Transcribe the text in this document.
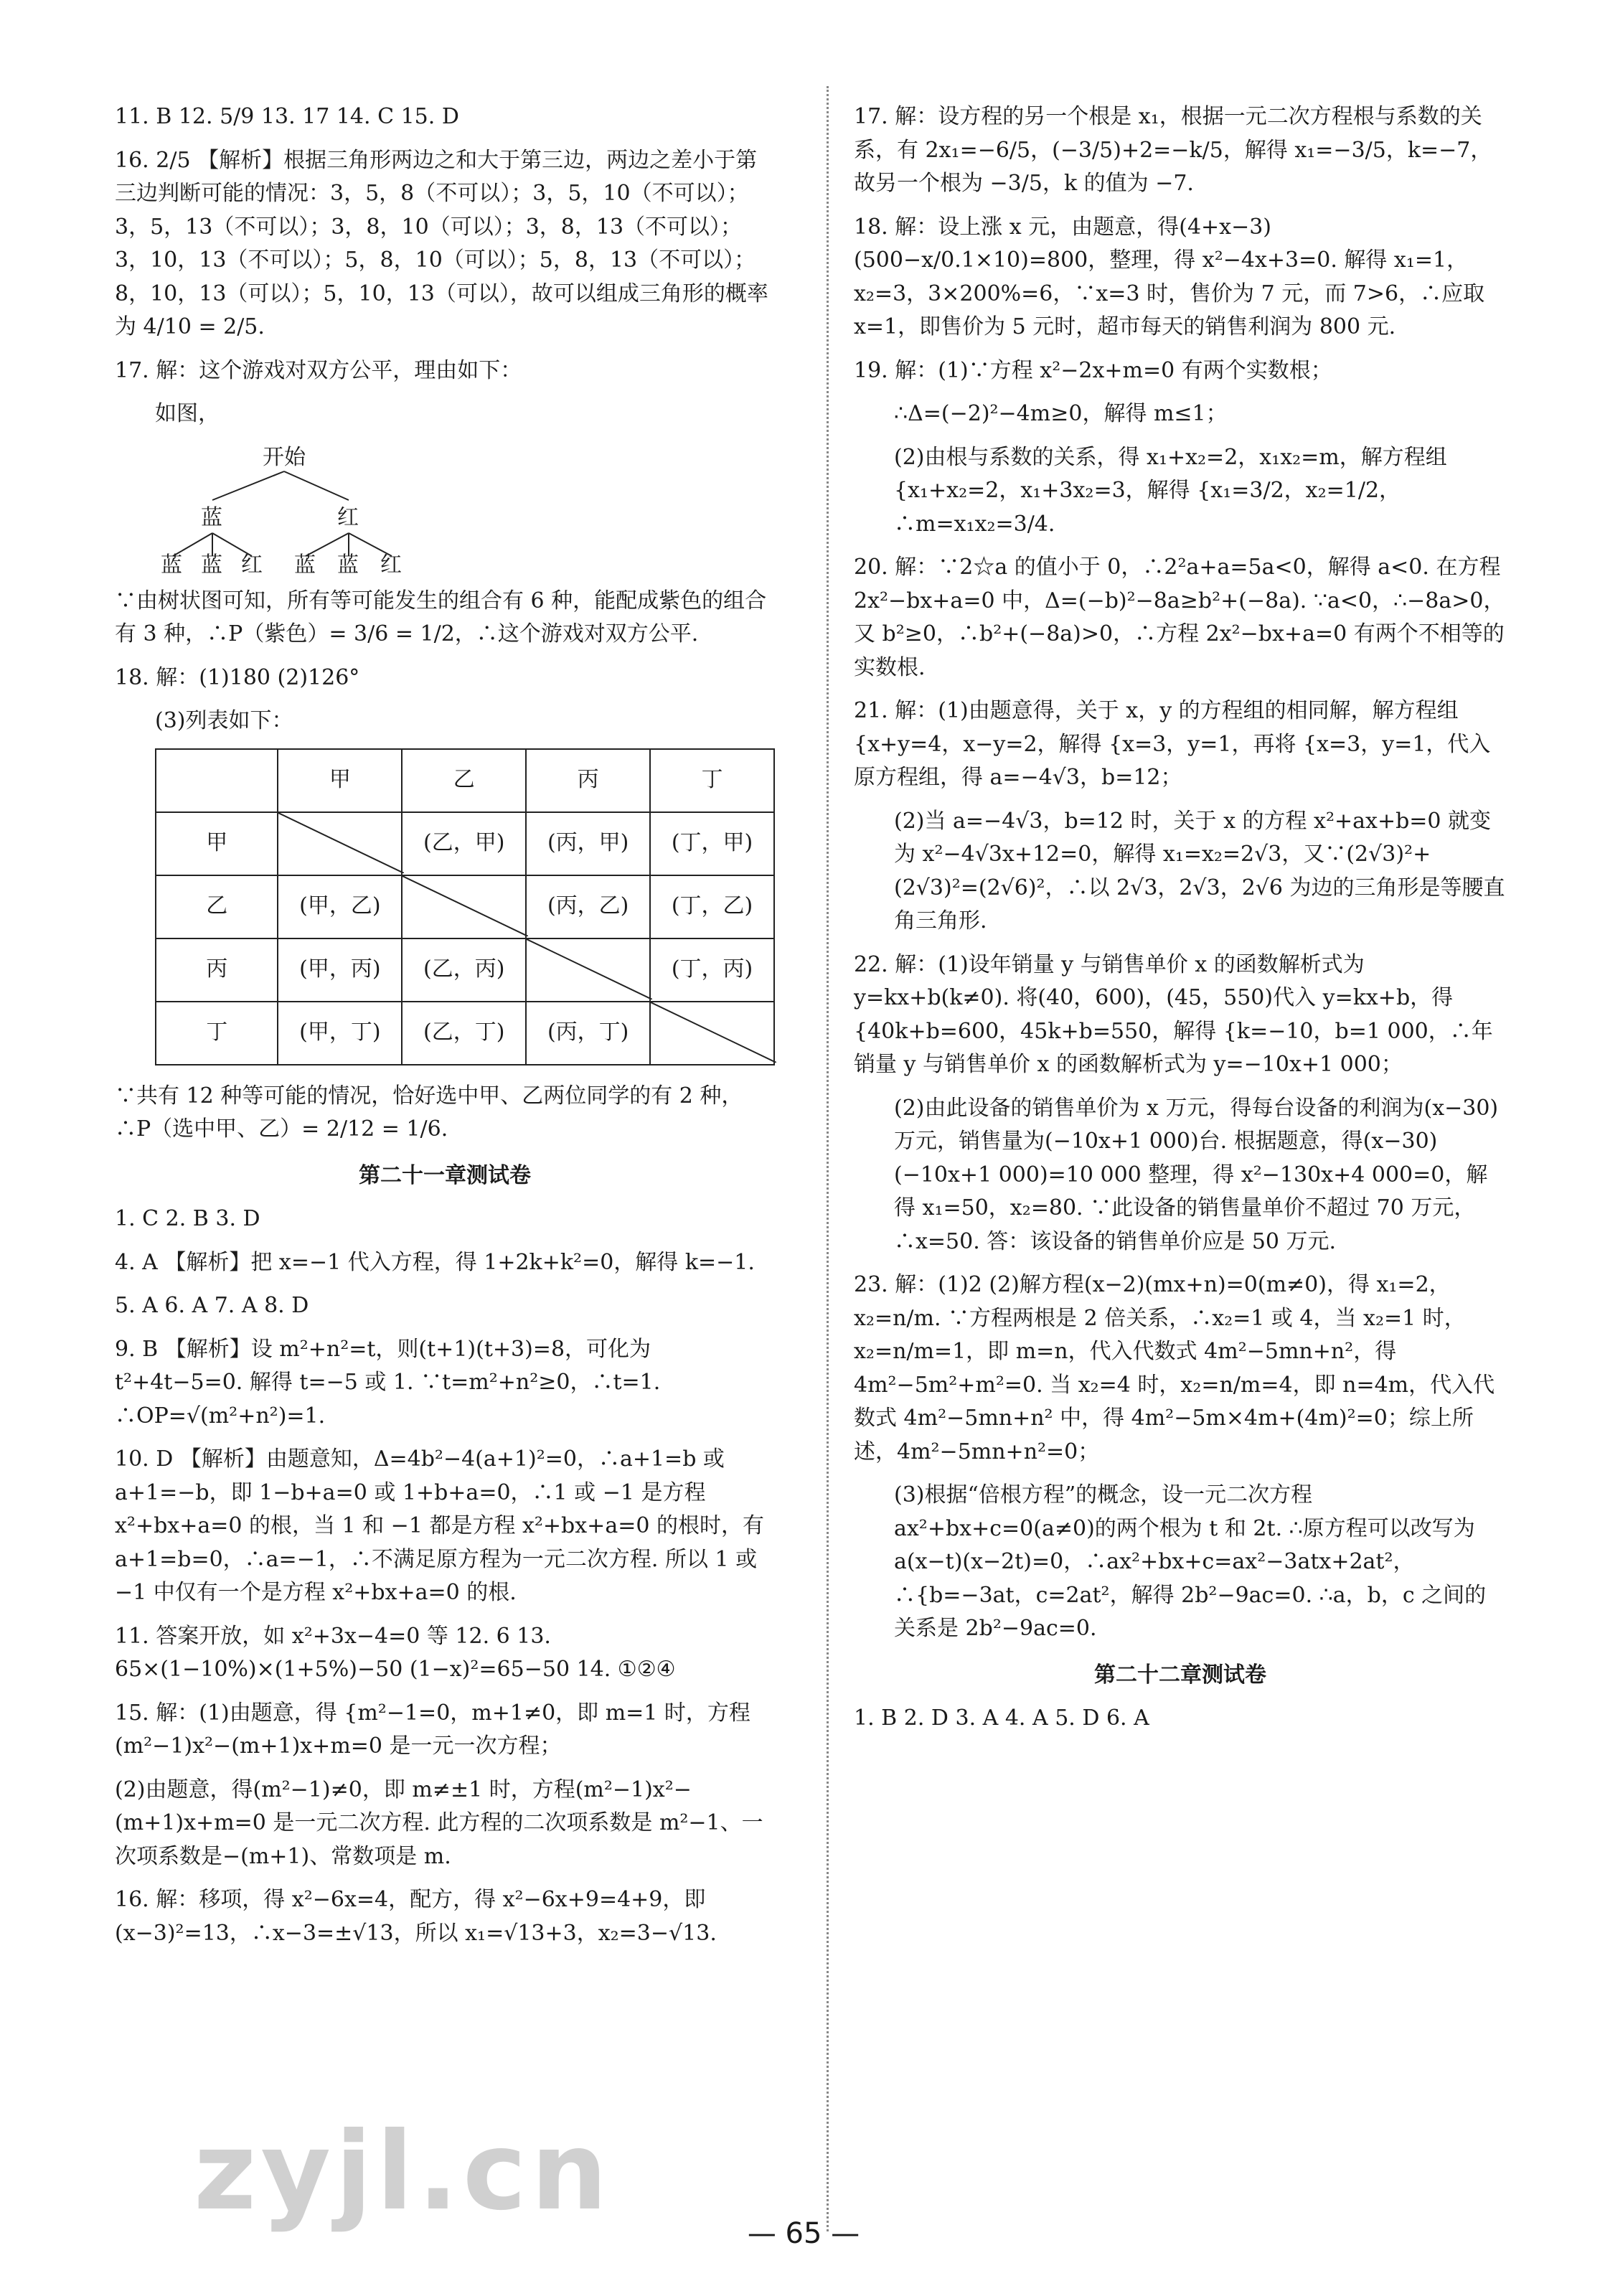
11. B 12. 5/9 13. 17 14. C 15. D

16. 2/5 【解析】根据三角形两边之和大于第三边，两边之差小于第三边判断可能的情况：3，5，8（不可以）；3，5，10（不可以）；3，5，13（不可以）；3，8，10（可以）；3，8，13（不可以）；3，10，13（不可以）；5，8，10（可以）；5，8，13（不可以）；8，10，13（可以）；5，10，13（可以），故可以组成三角形的概率为 4/10 = 2/5.

17. 解：这个游戏对双方公平，理由如下：

如图，

开始
蓝	红
蓝 蓝 红 蓝 蓝 红

∵由树状图可知，所有等可能发生的组合有 6 种，能配成紫色的组合有 3 种，∴P（紫色）= 3/6 = 1/2，∴这个游戏对双方公平.

18. 解：(1)180 (2)126°

(3)列表如下：

	甲	乙	丙	丁
甲		(乙，甲)	(丙，甲)	(丁，甲)
乙	(甲，乙)		(丙，乙)	(丁，乙)
丙	(甲，丙)	(乙，丙)		(丁，丙)
丁	(甲，丁)	(乙，丁)	(丙，丁)	

∵共有 12 种等可能的情况，恰好选中甲、乙两位同学的有 2 种，∴P（选中甲、乙）= 2/12 = 1/6.

第二十一章测试卷

1. C 2. B 3. D

4. A 【解析】把 x=−1 代入方程，得 1+2k+k²=0，解得 k=−1.

5. A 6. A 7. A 8. D

9. B 【解析】设 m²+n²=t，则(t+1)(t+3)=8，可化为 t²+4t−5=0. 解得 t=−5 或 1. ∵t=m²+n²≥0，∴t=1. ∴OP=√(m²+n²)=1.

10. D 【解析】由题意知，Δ=4b²−4(a+1)²=0，∴a+1=b 或 a+1=−b，即 1−b+a=0 或 1+b+a=0，∴1 或 −1 是方程 x²+bx+a=0 的根，当 1 和 −1 都是方程 x²+bx+a=0 的根时，有 a+1=b=0，∴a=−1，∴不满足原方程为一元二次方程. 所以 1 或 −1 中仅有一个是方程 x²+bx+a=0 的根.

11. 答案开放，如 x²+3x−4=0 等 12. 6 13. 65×(1−10%)×(1+5%)−50 (1−x)²=65−50 14. ①②④

15. 解：(1)由题意，得 {m²−1=0，m+1≠0，即 m=1 时，方程(m²−1)x²−(m+1)x+m=0 是一元一次方程；

(2)由题意，得(m²−1)≠0，即 m≠±1 时，方程(m²−1)x²−(m+1)x+m=0 是一元二次方程. 此方程的二次项系数是 m²−1、一次项系数是−(m+1)、常数项是 m.

16. 解：移项，得 x²−6x=4，配方，得 x²−6x+9=4+9，即(x−3)²=13，∴x−3=±√13，所以 x₁=√13+3，x₂=3−√13.

17. 解：设方程的另一个根是 x₁，根据一元二次方程根与系数的关系，有 2x₁=−6/5，(−3/5)+2=−k/5，解得 x₁=−3/5，k=−7，故另一个根为 −3/5，k 的值为 −7.

18. 解：设上涨 x 元，由题意，得(4+x−3)(500−x/0.1×10)=800，整理，得 x²−4x+3=0. 解得 x₁=1，x₂=3，3×200%=6，∵x=3 时，售价为 7 元，而 7>6，∴应取 x=1，即售价为 5 元时，超市每天的销售利润为 800 元.

19. 解：(1)∵方程 x²−2x+m=0 有两个实数根；

∴Δ=(−2)²−4m≥0，解得 m≤1；

(2)由根与系数的关系，得 x₁+x₂=2，x₁x₂=m，解方程组 {x₁+x₂=2，x₁+3x₂=3，解得 {x₁=3/2，x₂=1/2，∴m=x₁x₂=3/4.

20. 解：∵2☆a 的值小于 0，∴2²a+a=5a<0，解得 a<0. 在方程 2x²−bx+a=0 中，Δ=(−b)²−8a≥b²+(−8a). ∵a<0，∴−8a>0，又 b²≥0，∴b²+(−8a)>0，∴方程 2x²−bx+a=0 有两个不相等的实数根.

21. 解：(1)由题意得，关于 x，y 的方程组的相同解，解方程组 {x+y=4，x−y=2，解得 {x=3，y=1，再将 {x=3，y=1，代入原方程组，得 a=−4√3，b=12；

(2)当 a=−4√3，b=12 时，关于 x 的方程 x²+ax+b=0 就变为 x²−4√3x+12=0，解得 x₁=x₂=2√3，又∵(2√3)²+(2√3)²=(2√6)²，∴以 2√3，2√3，2√6 为边的三角形是等腰直角三角形.

22. 解：(1)设年销量 y 与销售单价 x 的函数解析式为 y=kx+b(k≠0). 将(40，600)，(45，550)代入 y=kx+b，得 {40k+b=600，45k+b=550，解得 {k=−10，b=1 000，∴年销量 y 与销售单价 x 的函数解析式为 y=−10x+1 000；

(2)由此设备的销售单价为 x 万元，得每台设备的利润为(x−30)万元，销售量为(−10x+1 000)台. 根据题意，得(x−30)(−10x+1 000)=10 000 整理，得 x²−130x+4 000=0，解得 x₁=50，x₂=80. ∵此设备的销售量单价不超过 70 万元，∴x=50. 答：该设备的销售单价应是 50 万元.

23. 解：(1)2 (2)解方程(x−2)(mx+n)=0(m≠0)，得 x₁=2，x₂=n/m. ∵方程两根是 2 倍关系，∴x₂=1 或 4，当 x₂=1 时，x₂=n/m=1，即 m=n，代入代数式 4m²−5mn+n²，得 4m²−5m²+m²=0. 当 x₂=4 时，x₂=n/m=4，即 n=4m，代入代数式 4m²−5mn+n² 中，得 4m²−5m×4m+(4m)²=0；综上所述，4m²−5mn+n²=0；

(3)根据“倍根方程”的概念，设一元二次方程 ax²+bx+c=0(a≠0)的两个根为 t 和 2t. ∴原方程可以改写为 a(x−t)(x−2t)=0，∴ax²+bx+c=ax²−3atx+2at²，∴{b=−3at，c=2at²，解得 2b²−9ac=0. ∴a，b，c 之间的关系是 2b²−9ac=0.

第二十二章测试卷

1. B 2. D 3. A 4. A 5. D 6. A

— 65 —
zyjl.cn
